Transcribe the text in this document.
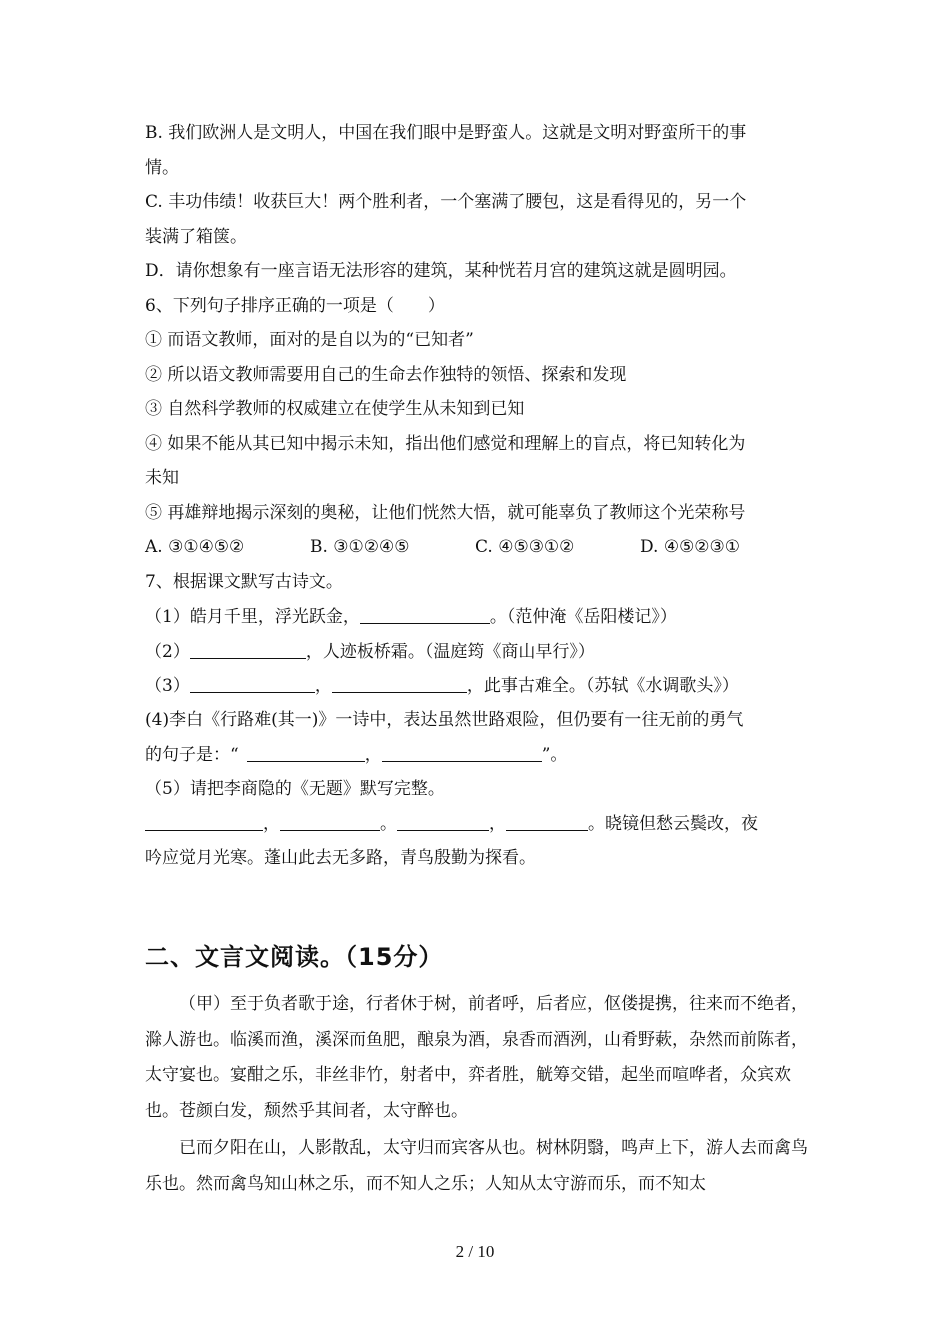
B. 我们欧洲人是文明人，中国在我们眼中是野蛮人。这就是文明对野蛮所干的事
情。
C. 丰功伟绩！收获巨大！两个胜利者，一个塞满了腰包，这是看得见的，另一个
装满了箱箧。
D．请你想象有一座言语无法形容的建筑，某种恍若月宫的建筑这就是圆明园。
6、下列句子排序正确的一项是（　　）
① 而语文教师，面对的是自以为的“已知者”
② 所以语文教师需要用自己的生命去作独特的领悟、探索和发现
③ 自然科学教师的权威建立在使学生从未知到已知
④ 如果不能从其已知中揭示未知，指出他们感觉和理解上的盲点，将已知转化为
未知
⑤ 再雄辩地揭示深刻的奥秘，让他们恍然大悟，就可能辜负了教师这个光荣称号
A. ③①④⑤②	B. ③①②④⑤	C. ④⑤③①②	D. ④⑤②③①
7、根据课文默写古诗文。
（1）皓月千里，浮光跃金，	。（范仲淹《岳阳楼记》）
（2）	，人迹板桥霜。（温庭筠《商山早行》）
（3）	，	，此事古难全。（苏轼《水调歌头》）
(4)李白《行路难(其一)》一诗中，表达虽然世路艰险，但仍要有一往无前的勇气
的句子是：“	，	”。
（5）请把李商隐的《无题》默写完整。
，	。	，	。晓镜但愁云鬓改，夜
吟应觉月光寒。蓬山此去无多路，青鸟殷勤为探看。
二、文言文阅读。（15分）

（甲）至于负者歌于途，行者休于树，前者呼，后者应，伛偻提携，往来而不绝者，滁人游也。临溪而渔，溪深而鱼肥，酿泉为酒，泉香而酒洌，山肴野蔌，杂然而前陈者，太守宴也。宴酣之乐，非丝非竹，射者中，弈者胜，觥筹交错，起坐而喧哗者，众宾欢也。苍颜白发，颓然乎其间者，太守醉也。

已而夕阳在山，人影散乱，太守归而宾客从也。树林阴翳，鸣声上下，游人去而禽鸟乐也。然而禽鸟知山林之乐，而不知人之乐；人知从太守游而乐，而不知太

2 / 10
